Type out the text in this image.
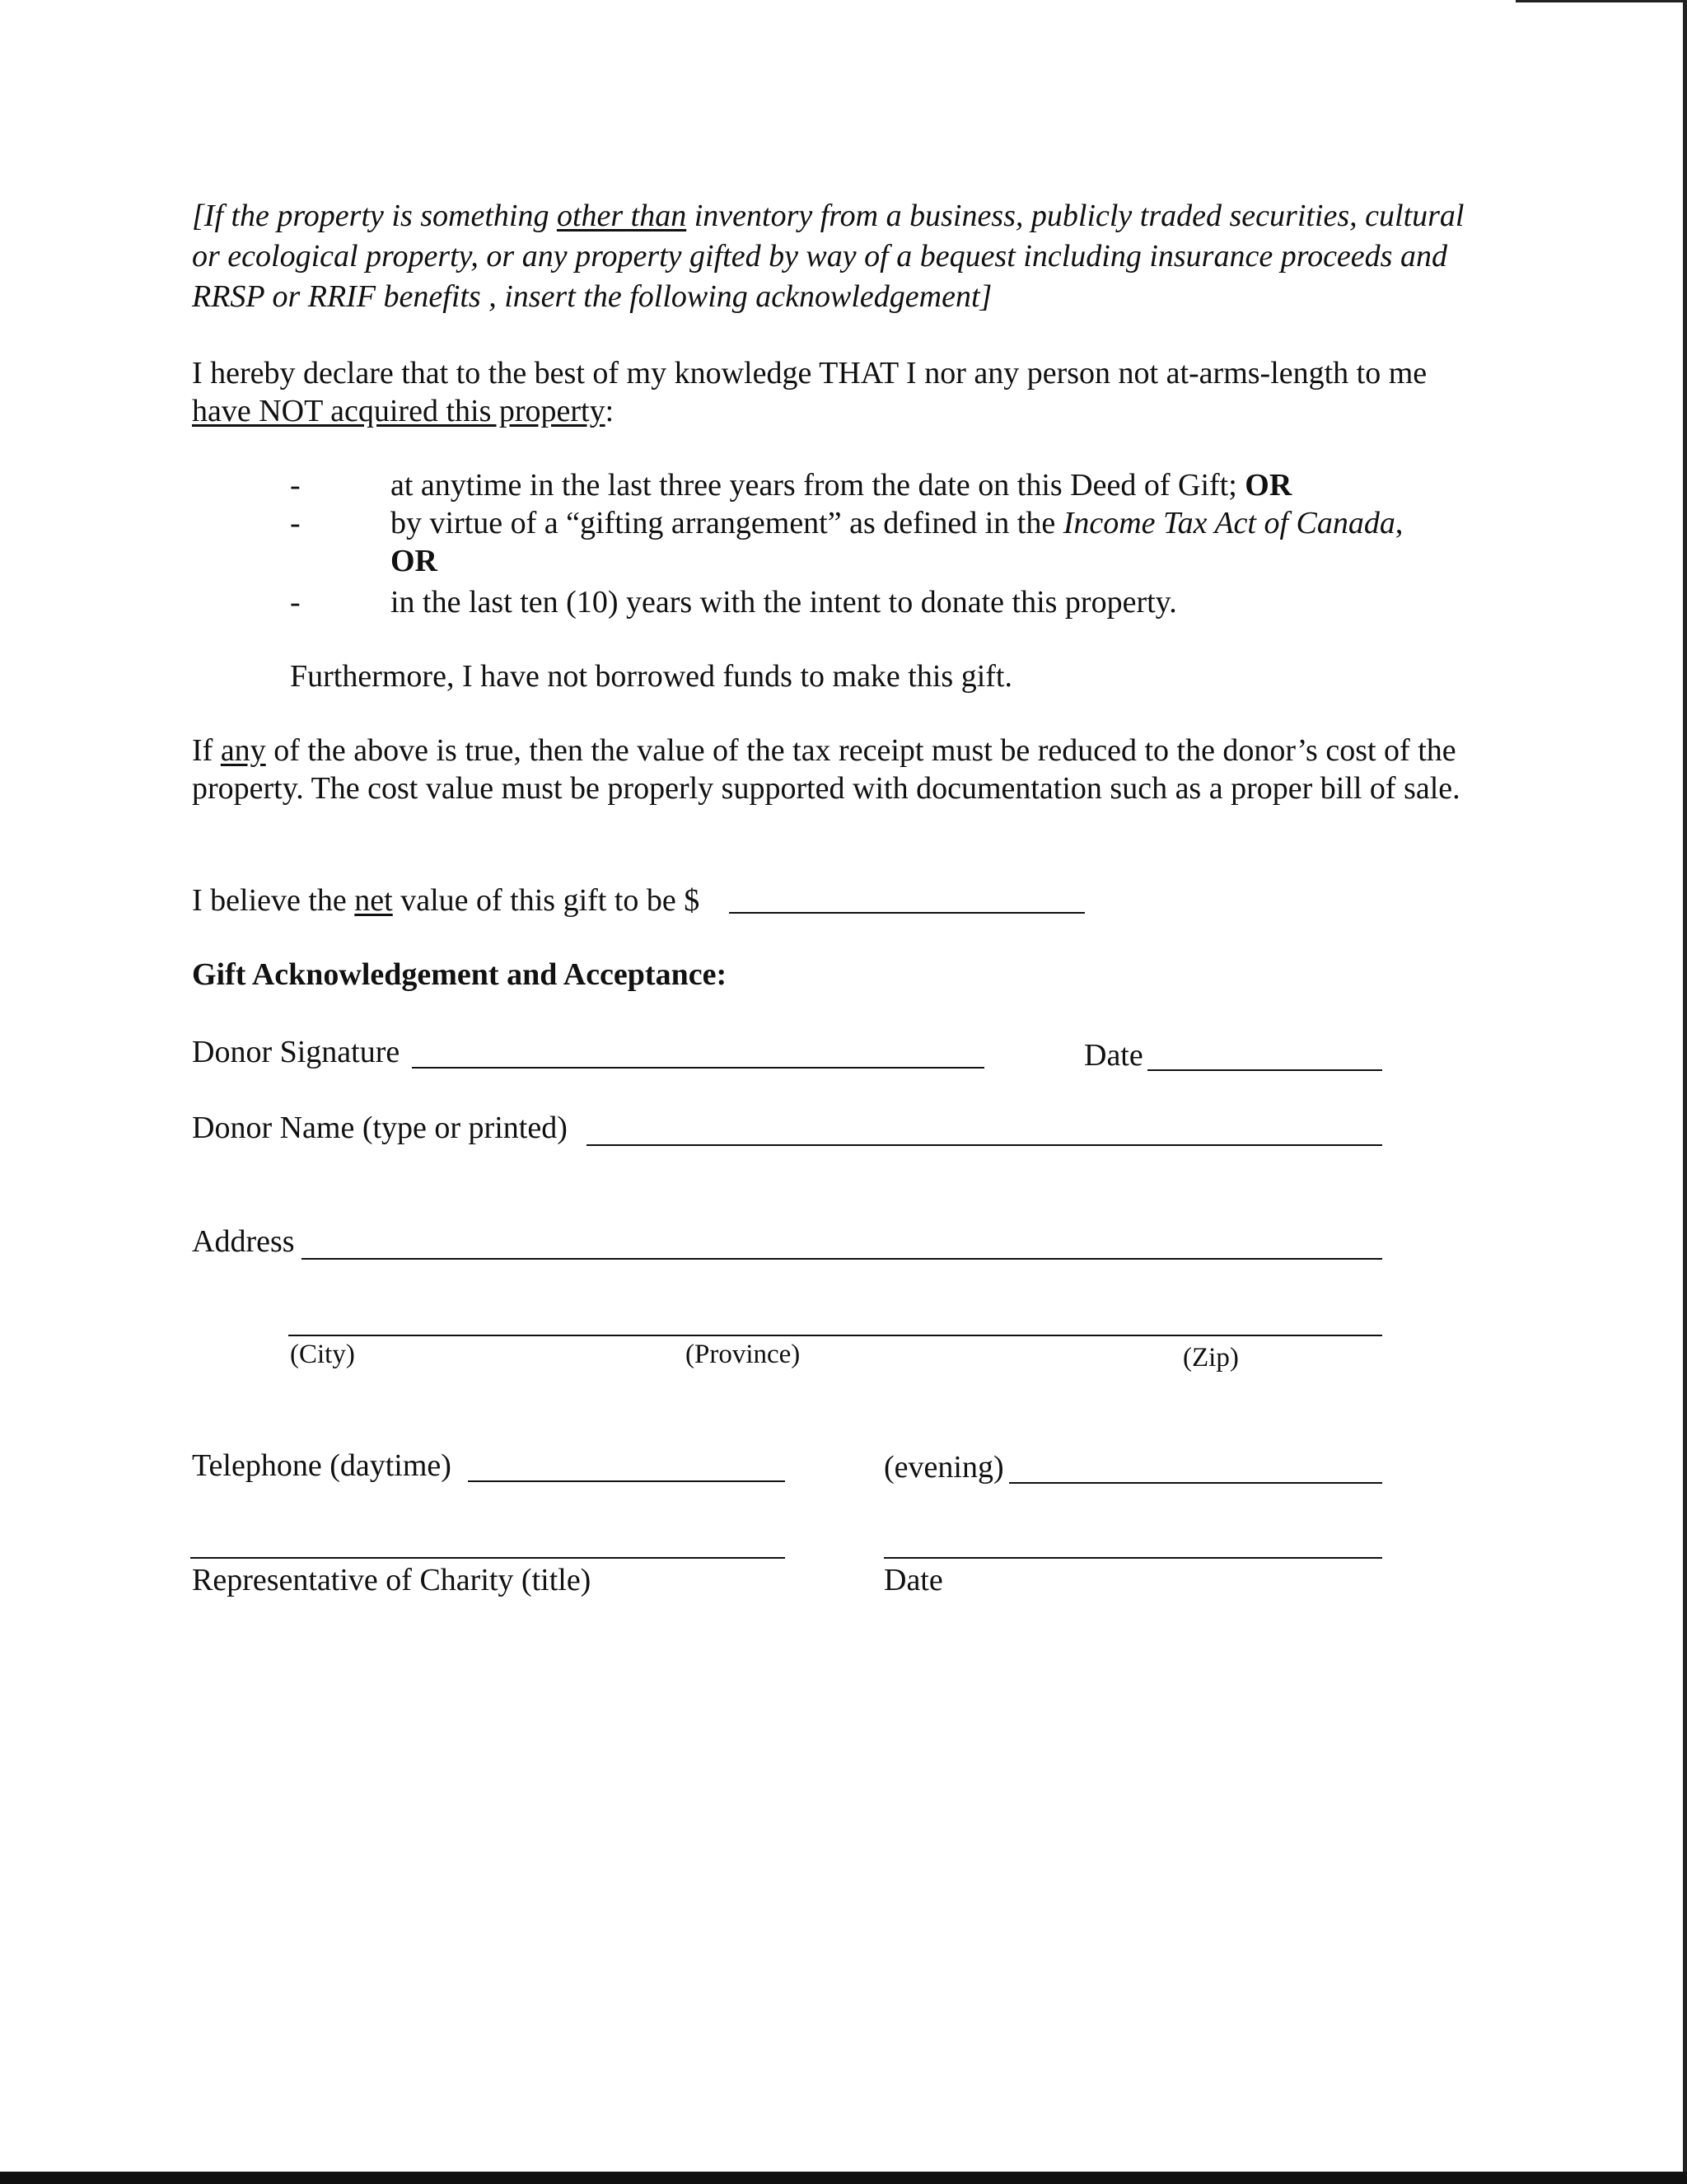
[If the property is something other than inventory from a business, publicly traded securities, cultural or ecological property, or any property gifted by way of a bequest including insurance proceeds and RRSP or RRIF benefits , insert the following acknowledgement]
I hereby declare that to the best of my knowledge THAT I nor any person not at-arms-length to me have NOT acquired this property:
-	at anytime in the last three years from the date on this Deed of Gift; OR
-	by virtue of a “gifting arrangement” as defined in the Income Tax Act of Canada,
OR
-	in the last ten (10) years with the intent to donate this property.
Furthermore, I have not borrowed funds to make this gift.
If any of the above is true, then the value of the tax receipt must be reduced to the donor’s cost of the property. The cost value must be properly supported with documentation such as a proper bill of sale.
I believe the net value of this gift to be $
Gift Acknowledgement and Acceptance:
Donor Signature	Date
Donor Name (type or printed)
Address
(City)	(Province)	(Zip)
Telephone (daytime)	(evening)
Representative of Charity (title)	Date
